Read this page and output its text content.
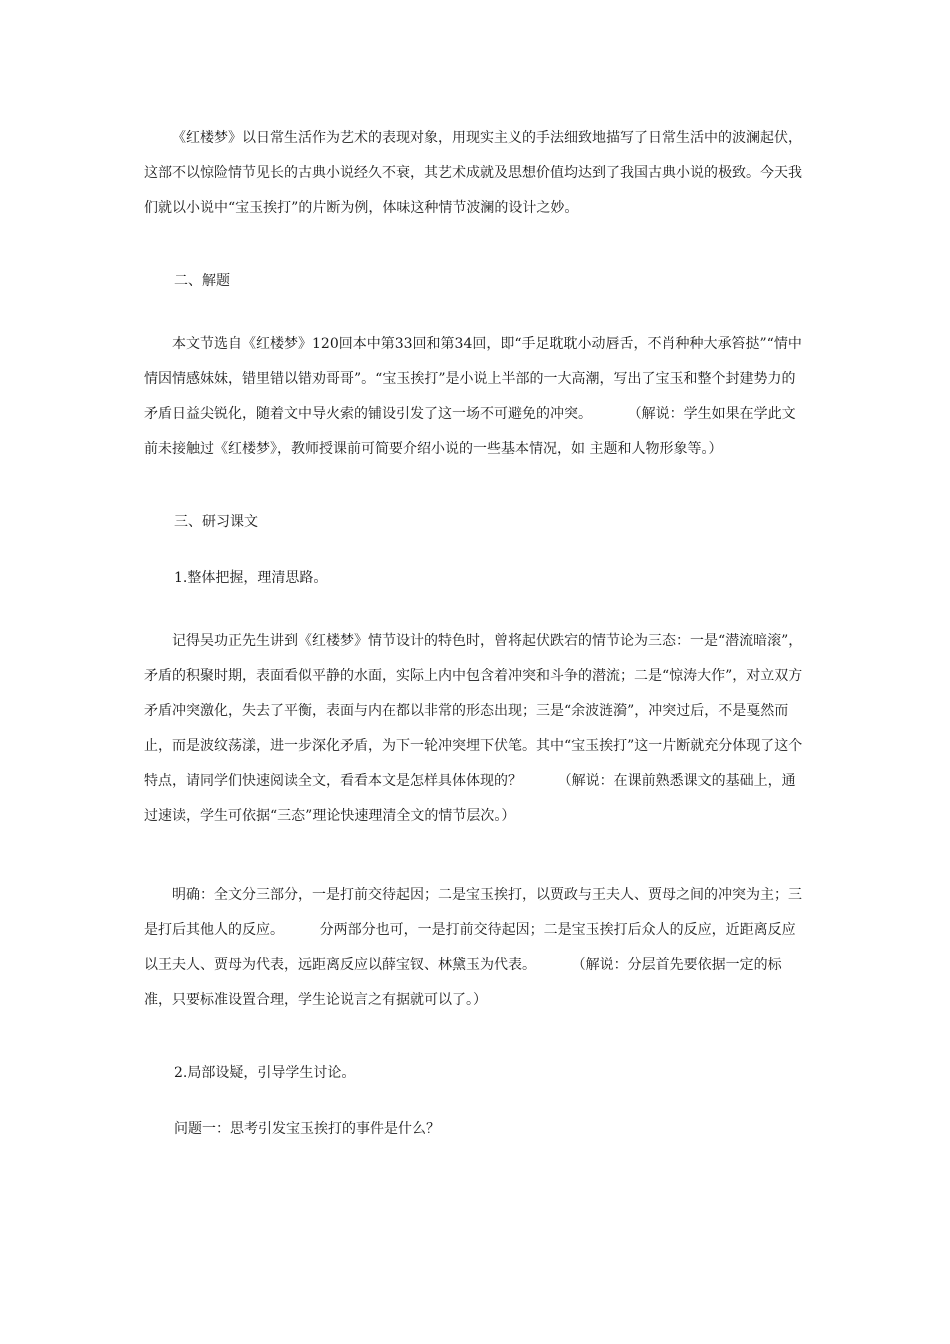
《红楼梦》以日常生活作为艺术的表现对象，用现实主义的手法细致地描写了日常生活中的波澜起伏，这部不以惊险情节见长的古典小说经久不衰，其艺术成就及思想价值均达到了我国古典小说的极致。今天我们就以小说中“宝玉挨打”的片断为例，体味这种情节波澜的设计之妙。

二、解题

本文节选自《红楼梦》120回本中第33回和第34回，即“手足耽耽小动唇舌，不肖种种大承笞挞”“情中情因情感妹妹，错里错以错劝哥哥”。“宝玉挨打”是小说上半部的一大高潮，写出了宝玉和整个封建势力的矛盾日益尖锐化，随着文中导火索的铺设引发了这一场不可避免的冲突。	（解说：学生如果在学此文前未接触过《红楼梦》，教师授课前可简要介绍小说的一些基本情况，如 主题和人物形象等。）

三、研习课文

1.整体把握，理清思路。

记得吴功正先生讲到《红楼梦》情节设计的特色时，曾将起伏跌宕的情节论为三态：一是“潜流暗滚”，矛盾的积聚时期，表面看似平静的水面，实际上内中包含着冲突和斗争的潜流；二是“惊涛大作”，对立双方矛盾冲突激化，失去了平衡，表面与内在都以非常的形态出现；三是“余波涟漪”，冲突过后，不是戛然而止，而是波纹荡漾，进一步深化矛盾，为下一轮冲突埋下伏笔。其中“宝玉挨打”这一片断就充分体现了这个特点，请同学们快速阅读全文，看看本文是怎样具体体现的？	（解说：在课前熟悉课文的基础上，通过速读，学生可依据“三态”理论快速理清全文的情节层次。）

明确：全文分三部分，一是打前交待起因；二是宝玉挨打，以贾政与王夫人、贾母之间的冲突为主；三是打后其他人的反应。	分两部分也可，一是打前交待起因；二是宝玉挨打后众人的反应，近距离反应以王夫人、贾母为代表，远距离反应以薛宝钗、林黛玉为代表。	（解说：分层首先要依据一定的标准，只要标准设置合理，学生论说言之有据就可以了。）

2.局部设疑，引导学生讨论。

问题一：思考引发宝玉挨打的事件是什么？
